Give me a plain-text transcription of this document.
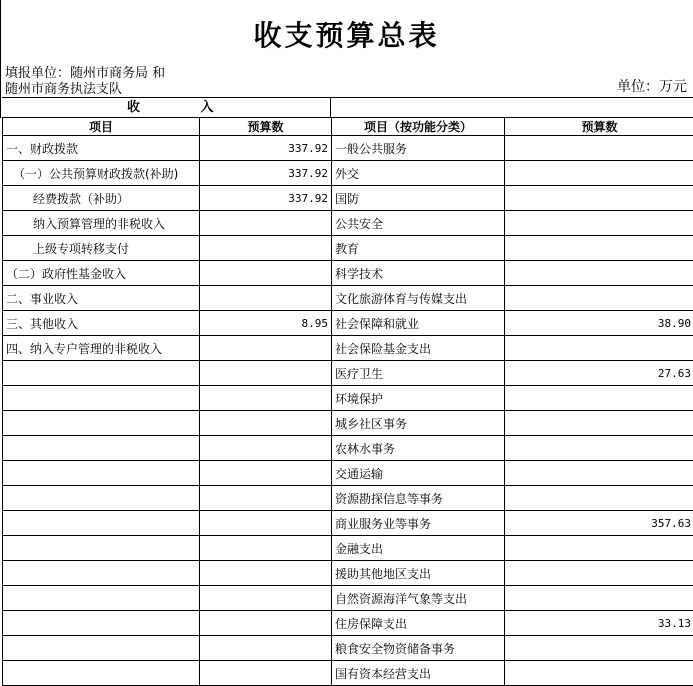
收支预算总表
填报单位：随州市商务局 和
随州市商务执法支队	单位：万元
收 入
项目	预算数	项目（按功能分类）	预算数
一、财政拨款	337.92	一般公共服务	
（一）公共预算财政拨款(补助)	337.92	外交	
经费拨款（补助）	337.92	国防	
纳入预算管理的非税收入		公共安全	
上级专项转移支付		教育	
（二）政府性基金收入		科学技术	
二、事业收入		文化旅游体育与传媒支出	
三、其他收入	8.95	社会保障和就业	38.90
四、纳入专户管理的非税收入		社会保险基金支出	
		医疗卫生	27.63
		环境保护	
		城乡社区事务	
		农林水事务	
		交通运输	
		资源勘探信息等事务	
		商业服务业等事务	357.63
		金融支出	
		援助其他地区支出	
		自然资源海洋气象等支出	
		住房保障支出	33.13
		粮食安全物资储备事务	
		国有资本经营支出	
